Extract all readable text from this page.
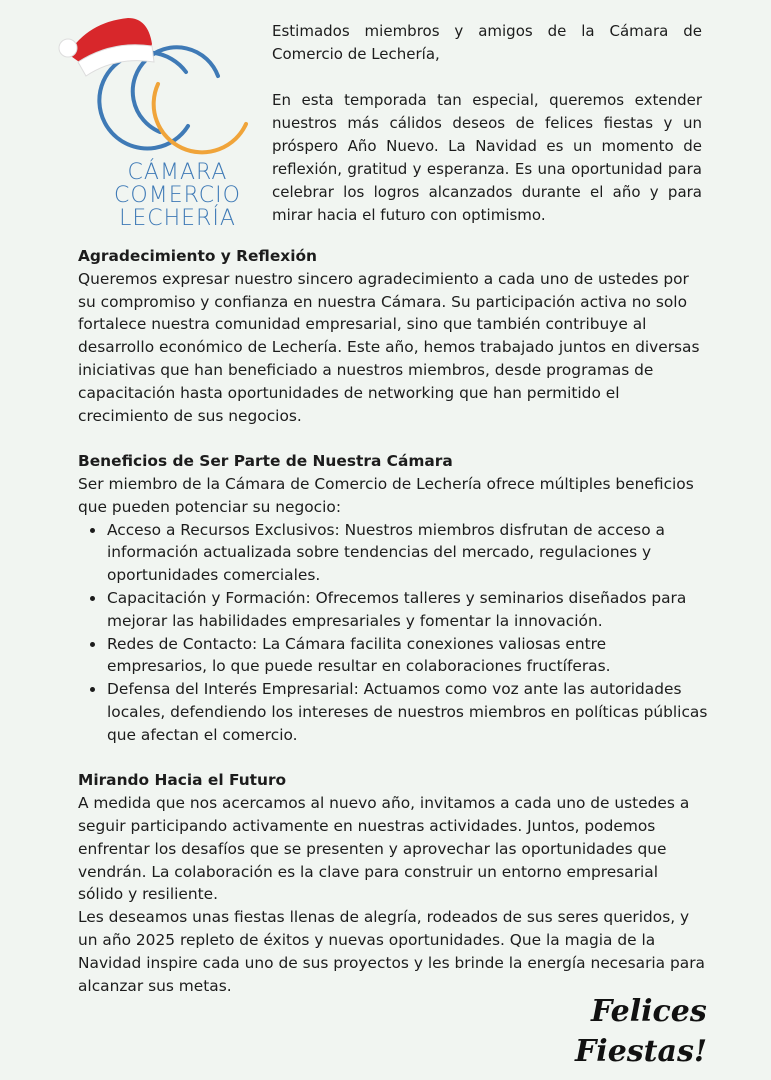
CÁMARA
COMERCIO
LECHERÍA

Estimados miembros y amigos de la Cámara de Comercio de Lechería,

En esta temporada tan especial, queremos extender nuestros más cálidos deseos de felices fiestas y un próspero Año Nuevo. La Navidad es un momento de reflexión, gratitud y esperanza. Es una oportunidad para celebrar los logros alcanzados durante el año y para mirar hacia el futuro con optimismo.

Agradecimiento y Reflexión

Queremos expresar nuestro sincero agradecimiento a cada uno de ustedes por su compromiso y confianza en nuestra Cámara. Su participación activa no solo fortalece nuestra comunidad empresarial, sino que también contribuye al desarrollo económico de Lechería. Este año, hemos trabajado juntos en diversas iniciativas que han beneficiado a nuestros miembros, desde programas de capacitación hasta oportunidades de networking que han permitido el crecimiento de sus negocios.

Beneficios de Ser Parte de Nuestra Cámara

Ser miembro de la Cámara de Comercio de Lechería ofrece múltiples beneficios que pueden potenciar su negocio:

• Acceso a Recursos Exclusivos: Nuestros miembros disfrutan de acceso a información actualizada sobre tendencias del mercado, regulaciones y oportunidades comerciales.
• Capacitación y Formación: Ofrecemos talleres y seminarios diseñados para mejorar las habilidades empresariales y fomentar la innovación.
• Redes de Contacto: La Cámara facilita conexiones valiosas entre empresarios, lo que puede resultar en colaboraciones fructíferas.
• Defensa del Interés Empresarial: Actuamos como voz ante las autoridades locales, defendiendo los intereses de nuestros miembros en políticas públicas que afectan el comercio.
Mirando Hacia el Futuro

A medida que nos acercamos al nuevo año, invitamos a cada uno de ustedes a seguir participando activamente en nuestras actividades. Juntos, podemos enfrentar los desafíos que se presenten y aprovechar las oportunidades que vendrán. La colaboración es la clave para construir un entorno empresarial sólido y resiliente.

Les deseamos unas fiestas llenas de alegría, rodeados de sus seres queridos, y un año 2025 repleto de éxitos y nuevas oportunidades. Que la magia de la Navidad inspire cada uno de sus proyectos y les brinde la energía necesaria para alcanzar sus metas.

Felices
Fiestas!
